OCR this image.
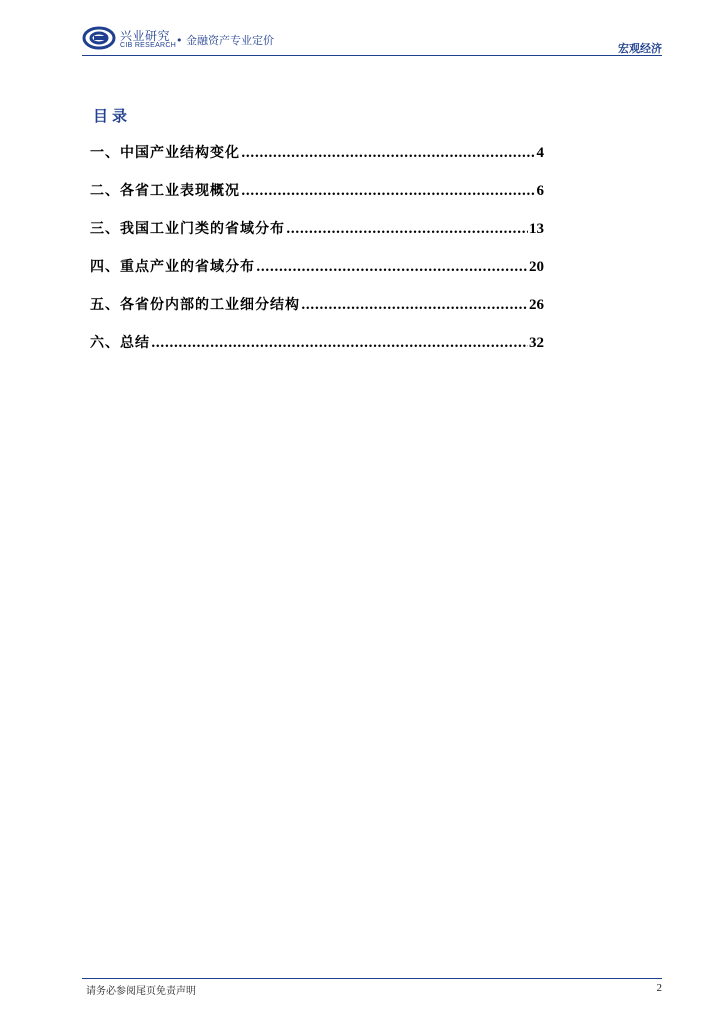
兴业研究
CIB RESEARCH • 金融资产专业定价
宏观经济
目录
一、中国产业结构变化 .....	4
二、各省工业表现概况 .....	6
三、我国工业门类的省域分布 .....	13
四、重点产业的省域分布 .....	20
五、各省份内部的工业细分结构 .....	26
六、总结 .....	32
请务必参阅尾页免责声明	2
